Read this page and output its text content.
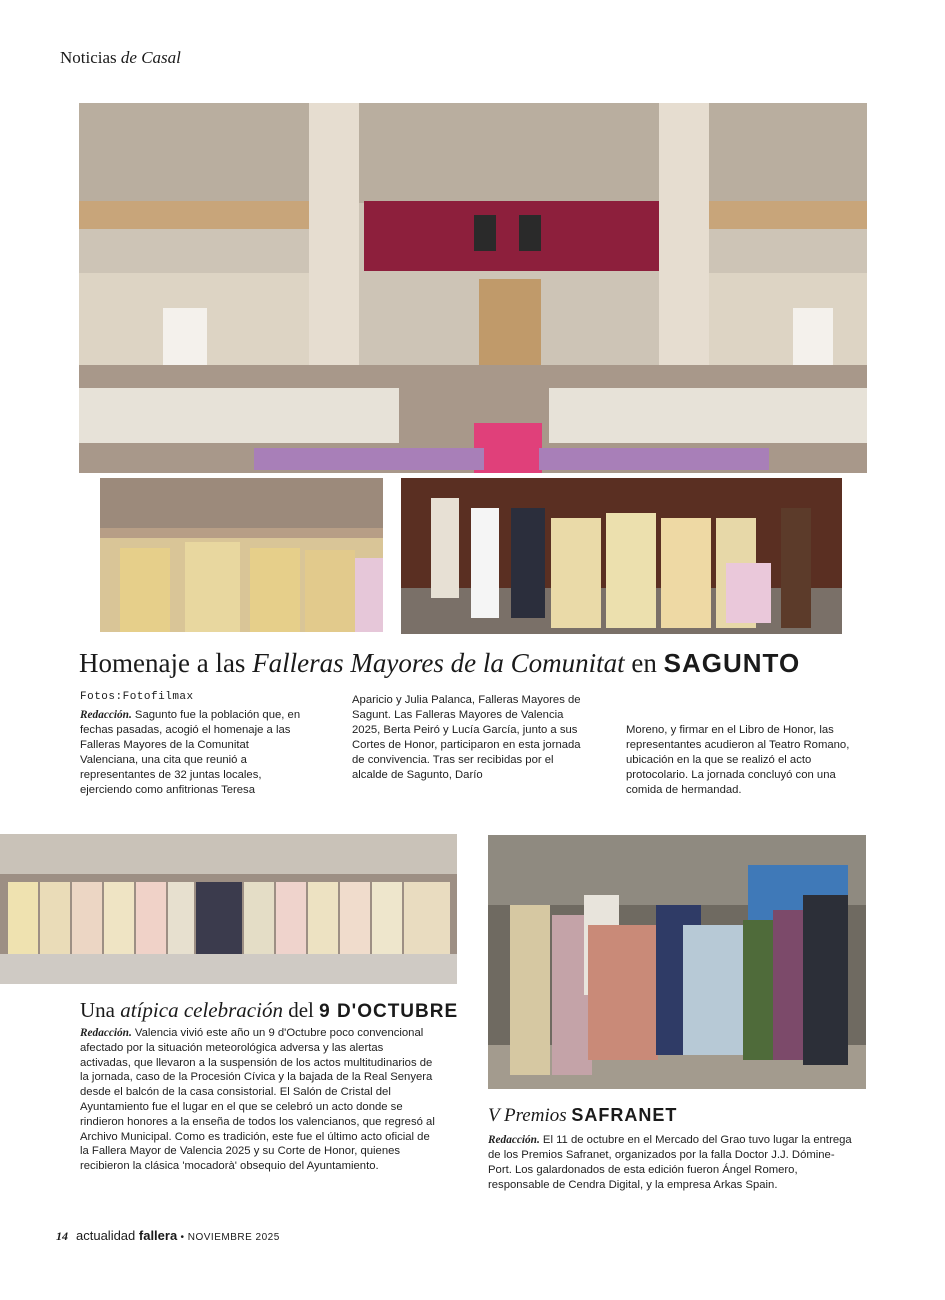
Noticias de Casal
Homenaje a las Falleras Mayores de la Comunitat en SAGUNTO
Fotos:Fotofilmax
Redacción. Sagunto fue la población que, en fechas pasadas, acogió el homenaje a las Falleras Mayores de la Comunitat Valenciana, una cita que reunió a representantes de 32 juntas locales, ejerciendo como anfitrionas Teresa
Aparicio y Julia Palanca, Falleras Mayores de Sagunt. Las Falleras Mayores de Valencia 2025, Berta Peiró y Lucía García, junto a sus Cortes de Honor, participaron en esta jornada de convivencia. Tras ser recibidas por el alcalde de Sagunto, Darío
Moreno, y firmar en el Libro de Honor, las representantes acudieron al Teatro Romano, ubicación en la que se realizó el acto protocolario. La jornada concluyó con una comida de hermandad.
Una atípica celebración del 9 D'OCTUBRE
Redacción. Valencia vivió este año un 9 d'Octubre poco convencional afectado por la situación meteorológica adversa y las alertas activadas, que llevaron a la suspensión de los actos multitudinarios de la jornada, caso de la Procesión Cívica y la bajada de la Real Senyera desde el balcón de la casa consistorial. El Salón de Cristal del Ayuntamiento fue el lugar en el que se celebró un acto donde se rindieron honores a la enseña de todos los valencianos, que regresó al Archivo Municipal. Como es tradición, este fue el último acto oficial de la Fallera Mayor de Valencia 2025 y su Corte de Honor, quienes recibieron la clásica 'mocadorà' obsequio del Ayuntamiento.
V Premios SAFRANET
Redacción. El 11 de octubre en el Mercado del Grao tuvo lugar la entrega de los Premios Safranet, organizados por la falla Doctor J.J. Dómine-Port. Los galardonados de esta edición fueron Ángel Romero, responsable de Cendra Digital, y la empresa Arkas Spain.
14 actualidad fallera • NOVIEMBRE 2025
